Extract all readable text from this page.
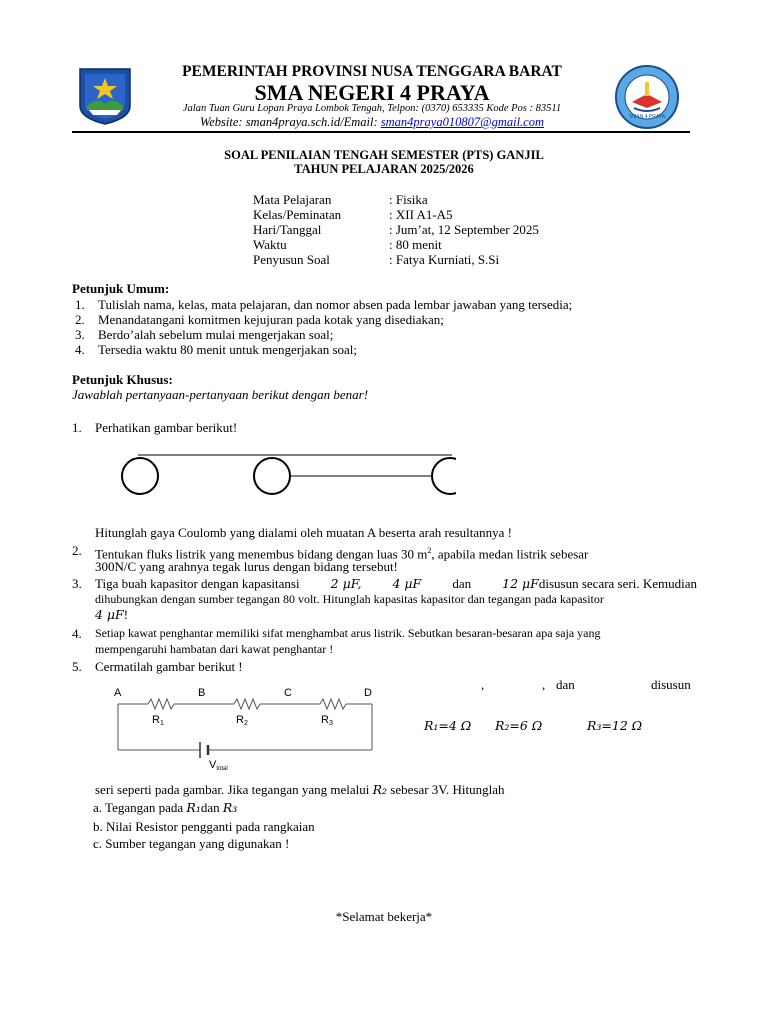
PEMERINTAH PROVINSI NUSA TENGGARA BARAT
SMA NEGERI 4 PRAYA
Jalan Tuan Guru Lopan Praya Lombok Tengah, Telpon: (0370) 653335 Kode Pos : 83511
Website: sman4praya.sch.id/Email: sman4praya010807@gmail.com	SMAN 4 PRAYA
SOAL PENILAIAN TENGAH SEMESTER (PTS) GANJIL
TAHUN PELAJARAN 2025/2026
Mata Pelajaran	: Fisika
Kelas/Peminatan	: XII A1-A5
Hari/Tanggal	: Jum’at, 12 September 2025
Waktu	: 80 menit
Penyusun Soal	: Fatya Kurniati, S.Si
Petunjuk Umum:
1. Tulislah nama, kelas, mata pelajaran, dan nomor absen pada lembar jawaban yang tersedia;
2. Menandatangani komitmen kejujuran pada kotak yang disediakan;
3. Berdo’alah sebelum mulai mengerjakan soal;
4. Tersedia waktu 80 menit untuk mengerjakan soal;
Petunjuk Khusus:
Jawablah pertanyaan-pertanyaan berikut dengan benar!
1. Perhatikan gambar berikut!
Hitunglah gaya Coulomb yang dialami oleh muatan A beserta arah resultannya !
2. Tentukan fluks listrik yang menembus bidang dengan luas 30 $m^2$, apabila medan listrik sebesar
300N/C yang arahnya tegak lurus dengan bidang tersebut!
3. Tiga buah kapasitor dengan kapasitansi 2 μF, 4 μF dan 12 μFdisusun secara seri. Kemudian
dihubungkan dengan sumber tegangan 80 volt. Hitunglah kapasitas kapasitor dan tegangan pada kapasitor
4 μF!
4. Setiap kawat penghantar memiliki sifat menghambat arus listrik. Sebutkan besaran-besaran apa saja yang
mempengaruhi hambatan dari kawat penghantar !
5. Cermatilah gambar berikut !
A	B	C	D
R1	R2	R3
Vtotal
,	, dan	disusun
R₁=4 Ω R₂=6 Ω	R₃=12 Ω
seri seperti pada gambar. Jika tegangan yang melalui R₂ sebesar 3V. Hitunglah
a. Tegangan pada R₁dan R₃
b. Nilai Resistor pengganti pada rangkaian
c. Sumber tegangan yang digunakan !
*Selamat bekerja*
